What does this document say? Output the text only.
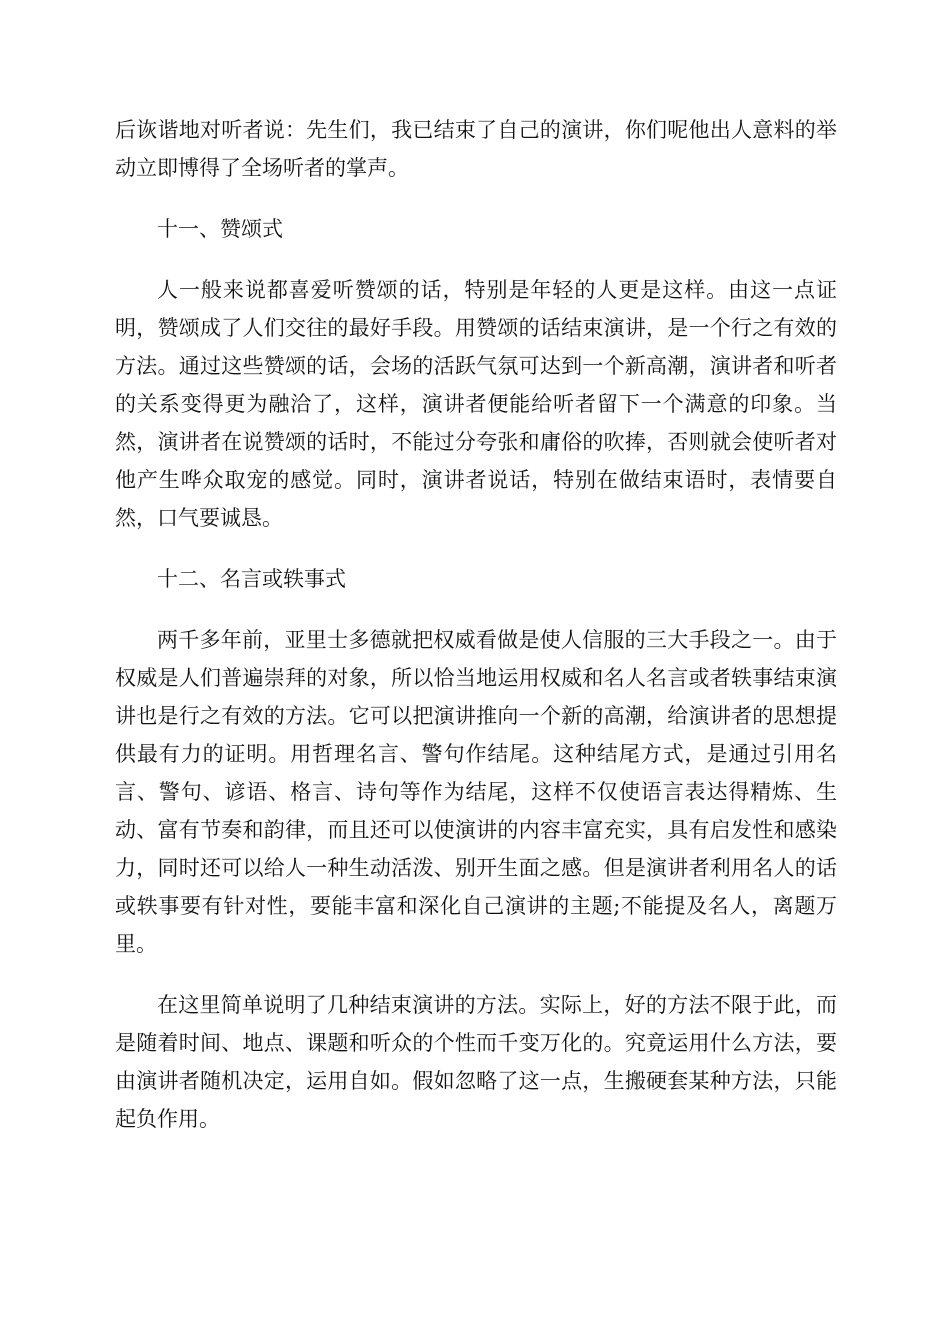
后诙谐地对听者说：先生们，我已结束了自己的演讲，你们呢他出人意料的举动立即博得了全场听者的掌声。

十一、赞颂式

人一般来说都喜爱听赞颂的话，特别是年轻的人更是这样。由这一点证明，赞颂成了人们交往的最好手段。用赞颂的话结束演讲，是一个行之有效的方法。通过这些赞颂的话，会场的活跃气氛可达到一个新高潮，演讲者和听者的关系变得更为融洽了，这样，演讲者便能给听者留下一个满意的印象。当然，演讲者在说赞颂的话时，不能过分夸张和庸俗的吹捧，否则就会使听者对他产生哗众取宠的感觉。同时，演讲者说话，特别在做结束语时，表情要自然，口气要诚恳。

十二、名言或轶事式

两千多年前，亚里士多德就把权威看做是使人信服的三大手段之一。由于权威是人们普遍崇拜的对象，所以恰当地运用权威和名人名言或者轶事结束演讲也是行之有效的方法。它可以把演讲推向一个新的高潮，给演讲者的思想提供最有力的证明。用哲理名言、警句作结尾。这种结尾方式，是通过引用名言、警句、谚语、格言、诗句等作为结尾，这样不仅使语言表达得精炼、生动、富有节奏和韵律，而且还可以使演讲的内容丰富充实，具有启发性和感染力，同时还可以给人一种生动活泼、别开生面之感。但是演讲者利用名人的话或轶事要有针对性，要能丰富和深化自己演讲的主题;不能提及名人，离题万里。

在这里简单说明了几种结束演讲的方法。实际上，好的方法不限于此，而是随着时间、地点、课题和听众的个性而千变万化的。究竟运用什么方法，要由演讲者随机决定，运用自如。假如忽略了这一点，生搬硬套某种方法，只能起负作用。
